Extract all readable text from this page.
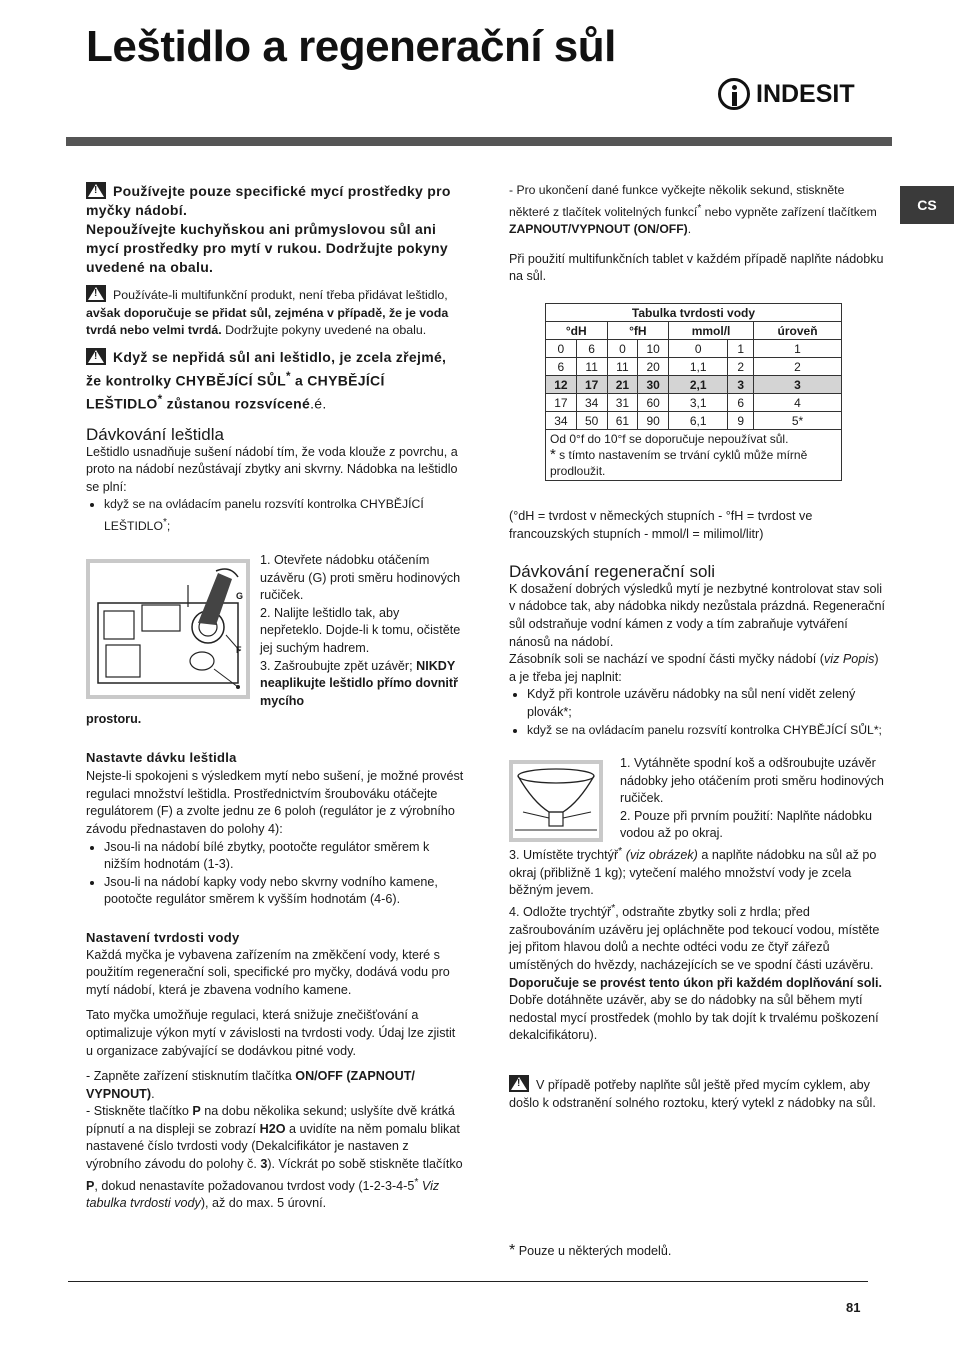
Leštidlo a regenerační sůl
INDESIT
CS

!Používejte pouze specifické mycí prostředky pro myčky nádobí.
Nepoužívejte kuchyňskou ani průmyslovou sůl ani mycí prostředky pro mytí v rukou. Dodržujte pokyny uvedené na obalu.

!Používáte-li multifunkční produkt, není třeba přidávat leštidlo, avšak doporučuje se přidat sůl, zejména v případě, že je voda tvrdá nebo velmi tvrdá. Dodržujte pokyny uvedené na obalu.

!Když se nepřidá sůl ani leštidlo, je zcela zřejmé, že kontrolky CHYBĚJÍCÍ SŮL* a CHYBĚJÍCÍ LEŠTIDLO* zůstanou rozsvícené.é.

Dávkování leštidla

Leštidlo usnadňuje sušení nádobí tím, že voda klouže z povrchu, a proto na nádobí nezůstávají zbytky ani skvrny. Nádobka na leštidlo se plní:

• když se na ovládacím panelu rozsvítí kontrolka CHYBĚJÍCÍ LEŠTIDLO*;
G
F

1. Otevřete nádobku otáčením uzávěru (G) proti směru hodinových ručiček.

2. Nalijte leštidlo tak, aby nepřeteklo. Dojde-li k tomu, očistěte jej suchým hadrem.

3. Zašroubujte zpět uzávěr; NIKDY neaplikujte leštidlo přímo dovnitř mycího

prostoru.

Nastavte dávku leštidla

Nejste-li spokojeni s výsledkem mytí nebo sušení, je možné provést regulaci množství leštidla. Prostřednictvím šroubováku otáčejte regulátorem (F) a zvolte jednu ze 6 poloh (regulátor je z výrobního závodu přednastaven do polohy 4):

• Jsou-li na nádobí bílé zbytky, pootočte regulátor směrem k nižším hodnotám (1-3).
• Jsou-li na nádobí kapky vody nebo skvrny vodního kamene, pootočte regulátor směrem k vyšším hodnotám (4-6).
Nastavení tvrdosti vody

Každá myčka je vybavena zařízením na změkčení vody, které s použitím regenerační soli, specifické pro myčky, dodává vodu pro mytí nádobí, která je zbavena vodního kamene.

Tato myčka umožňuje regulaci, která snižuje znečišťování a optimalizuje výkon mytí v závislosti na tvrdosti vody. Údaj lze zjistit u organizace zabývající se dodávkou pitné vody.

- Zapněte zařízení stisknutím tlačítka ON/OFF (ZAPNOUT/ VYPNOUT).

- Stiskněte tlačítko P na dobu několika sekund; uslyšíte dvě krátká pípnutí a na displeji se zobrazí H2O a uvidíte na něm pomalu blikat nastavené číslo tvrdosti vody (Dekalcifikátor je nastaven z výrobního závodu do polohy č. 3). Víckrát po sobě stiskněte tlačítko P, dokud nenastavíte požadovanou tvrdost vody (1-2-3-4-5* Viz tabulka tvrdosti vody), až do max. 5 úrovní.

- Pro ukončení dané funkce vyčkejte několik sekund, stiskněte některé z tlačítek volitelných funkcí* nebo vypněte zařízení tlačítkem ZAPNOUT/VYPNOUT (ON/OFF).

Při použití multifunkčních tablet v každém případě naplňte nádobku na sůl.

Tabulka tvrdosti vody						
°dH		°fH		mmol/l		úroveň
0	6	0	10	0	1	1
6	11	11	20	1,1	2	2
12	17	21	30	2,1	3	3
17	34	31	60	3,1	6	4
34	50	61	90	6,1	9	5*
Od 0°f do 10°f se doporučuje nepoužívat sůl.
* s tímto nastavením se trvání cyklů může mírně prodloužit.						

(°dH = tvrdost v německých stupních - °fH = tvrdost ve francouzských stupních - mmol/l = milimol/litr)

Dávkování regenerační soli

K dosažení dobrých výsledků mytí je nezbytné kontrolovat stav soli v nádobce tak, aby nádobka nikdy nezůstala prázdná. Regenerační sůl odstraňuje vodní kámen z vody a tím zabraňuje vytváření nánosů na nádobí.

Zásobník soli se nachází ve spodní části myčky nádobí (viz Popis) a je třeba jej naplnit:

• Když při kontrole uzávěru nádobky na sůl není vidět zelený plovák*;
• když se na ovládacím panelu rozsvítí kontrolka CHYBĚJÍCÍ SŮL*;

1. Vytáhněte spodní koš a odšroubujte uzávěr nádobky jeho otáčením proti směru hodinových ručiček.

2. Pouze při prvním použití: Naplňte nádobku vodou až po okraj.

3. Umístěte trychtýř* (viz obrázek) a naplňte nádobku na sůl až po okraj (přibližně 1 kg); vytečení malého množství vody je zcela běžným jevem.

4. Odložte trychtýř*, odstraňte zbytky soli z hrdla; před zašroubováním uzávěru jej opláchněte pod tekoucí vodou, místěte jej přitom hlavou dolů a nechte odtéci vodu ze čtyř zářezů umístěných do hvězdy, nacházejících se ve spodní části uzávěru.

Doporučuje se provést tento úkon při každém doplňování soli.

Dobře dotáhněte uzávěr, aby se do nádobky na sůl během mytí nedostal mycí prostředek (mohlo by tak dojít k trvalému poškození dekalcifikátoru).

!V případě potřeby naplňte sůl ještě před mycím cyklem, aby došlo k odstranění solného roztoku, který vytekl z nádobky na sůl.

* Pouze u některých modelů.

81
